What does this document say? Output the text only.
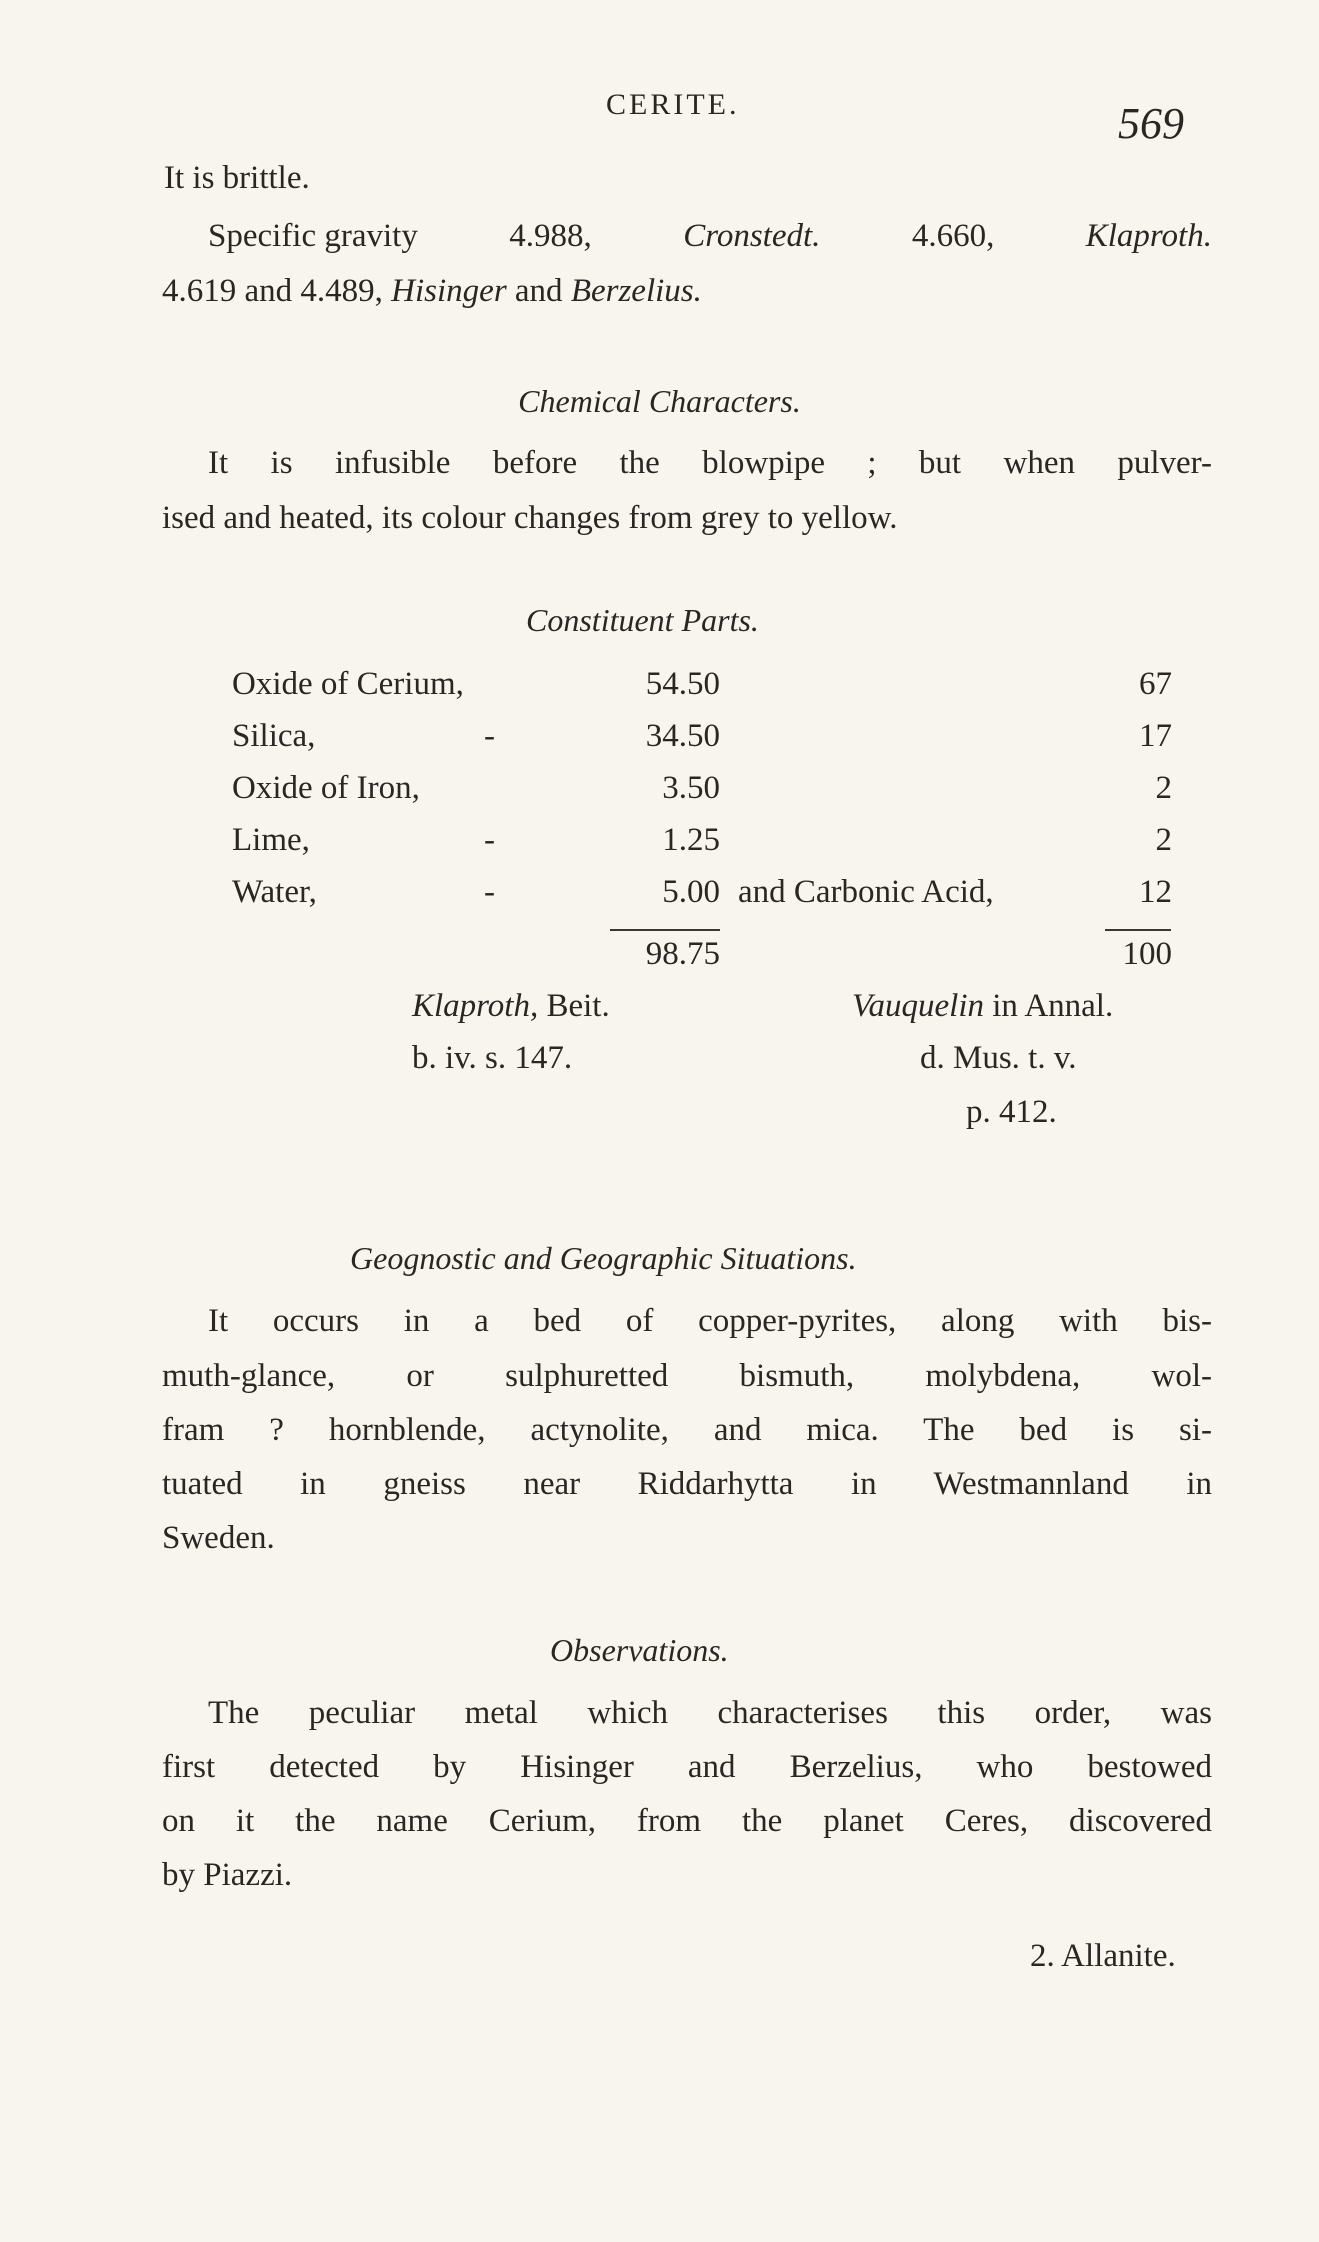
CERITE.	569
It is brittle.
Specific gravity	4.988,	Cronstedt.	4.660,	Klaproth.
4.619 and 4.489, Hisinger and Berzelius.
Chemical Characters.
It is infusible before the blowpipe ; but when pulver-
ised and heated, its colour changes from grey to yellow.
Constituent Parts.
Oxide of Cerium,	54.50	67
Silica,	-	34.50	17
Oxide of Iron,	3.50	2
Lime,	-	1.25	2
Water,	-	5.00 and Carbonic Acid,	12
98.75	100
Klaproth, Beit.
b. iv. s. 147.
Vauquelin in Annal.
d. Mus. t. v.
p. 412.
Geognostic and Geographic Situations.
It occurs in a bed of copper-pyrites, along with bis-
muth-glance, or sulphuretted bismuth, molybdena, wol-
fram ? hornblende, actynolite, and mica. The bed is si-
tuated in gneiss near Riddarhytta in Westmannland in
Sweden.
Observations.
The peculiar metal which characterises this order, was
first detected by Hisinger and Berzelius, who bestowed
on it the name Cerium, from the planet Ceres, discovered
by Piazzi.
2. Allanite.
